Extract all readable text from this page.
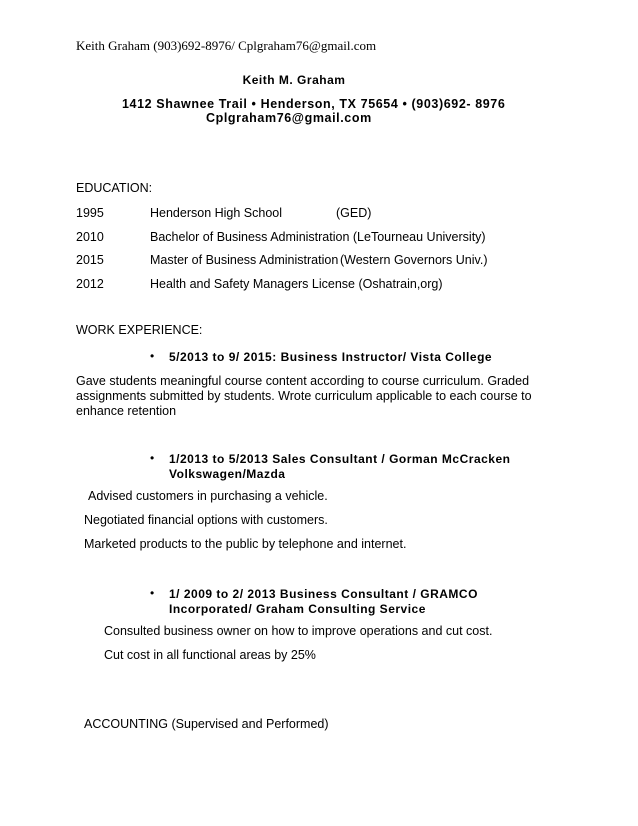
Keith Graham (903)692-8976/ Cplgraham76@gmail.com
Keith M. Graham
1412 Shawnee Trail • Henderson, TX 75654 • (903)692- 8976
Cplgraham76@gmail.com
EDUCATION:
1995	Henderson High School	(GED)
2010	Bachelor of Business Administration (LeTourneau University)
2015	Master of Business Administration (Western Governors Univ.)
2012	Health and Safety Managers License (Oshatrain,org)
WORK EXPERIENCE:
• 5/2013 to 9/ 2015: Business Instructor/ Vista College
Gave students meaningful course content according to course curriculum. Graded assignments submitted by students. Wrote curriculum applicable to each course to enhance retention
• 1/2013 to 5/2013 Sales Consultant / Gorman McCracken
Volkswagen/Mazda
Advised customers in purchasing a vehicle.
Negotiated financial options with customers.
Marketed products to the public by telephone and internet.
• 1/ 2009 to 2/ 2013 Business Consultant / GRAMCO
Incorporated/ Graham Consulting Service
Consulted business owner on how to improve operations and cut cost.
Cut cost in all functional areas by 25%
ACCOUNTING (Supervised and Performed)
